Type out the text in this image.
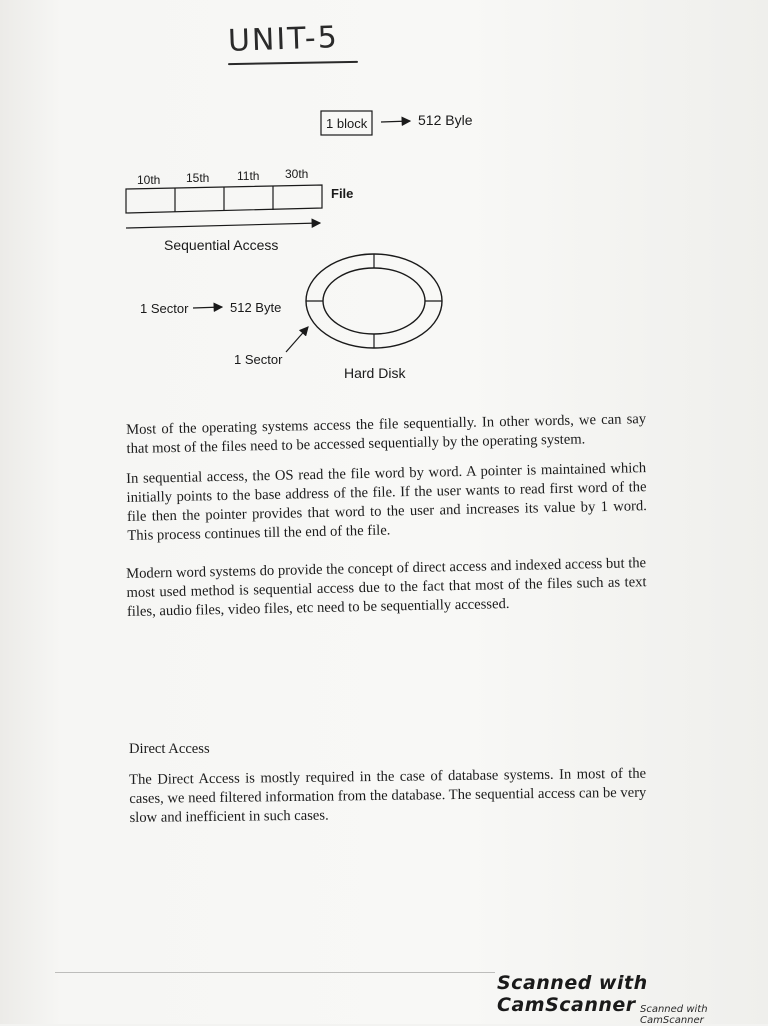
UNIT-5
1 block	512 Byle
10th 15th 11th 30th
File
Sequential Access
1 Sector	512 Byte
1 Sector
Hard Disk

Most of the operating systems access the file sequentially. In other words, we can say that most of the files need to be accessed sequentially by the operating system.

In sequential access, the OS read the file word by word. A pointer is maintained which initially points to the base address of the file. If the user wants to read first word of the file then the pointer provides that word to the user and increases its value by 1 word. This process continues till the end of the file.

Modern word systems do provide the concept of direct access and indexed access but the most used method is sequential access due to the fact that most of the files such as text files, audio files, video files, etc need to be sequentially accessed.

Direct Access

The Direct Access is mostly required in the case of database systems. In most of the cases, we need filtered information from the database. The sequential access can be very slow and inefficient in such cases.

Scanned with CamScanner Scanned with CamScanner
